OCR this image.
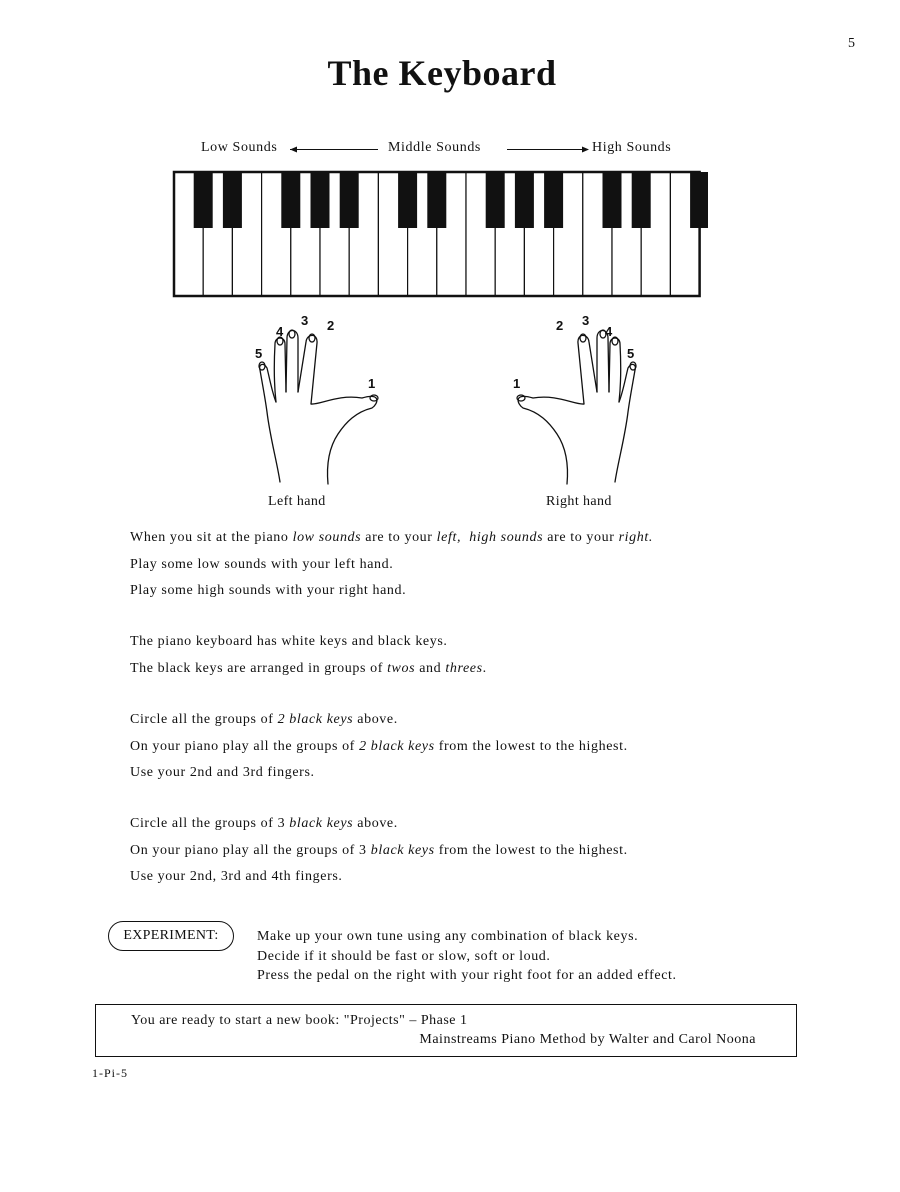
5
The Keyboard
Low Sounds	Middle Sounds	High Sounds
5
4
3 2
1	1
2 3
4
5
Left hand	Right hand
When you sit at the piano low sounds are to your left, high sounds are to your right.
Play some low sounds with your left hand.
Play some high sounds with your right hand.
The piano keyboard has white keys and black keys.
The black keys are arranged in groups of twos and threes.
Circle all the groups of 2 black keys above.
On your piano play all the groups of 2 black keys from the lowest to the highest.
Use your 2nd and 3rd fingers.
Circle all the groups of 3 black keys above.
On your piano play all the groups of 3 black keys from the lowest to the highest.
Use your 2nd, 3rd and 4th fingers.
EXPERIMENT:	Make up your own tune using any combination of black keys.
Decide if it should be fast or slow, soft or loud.
Press the pedal on the right with your right foot for an added effect.
You are ready to start a new book: "Projects" – Phase 1
Mainstreams Piano Method by Walter and Carol Noona
1-Pi-5
